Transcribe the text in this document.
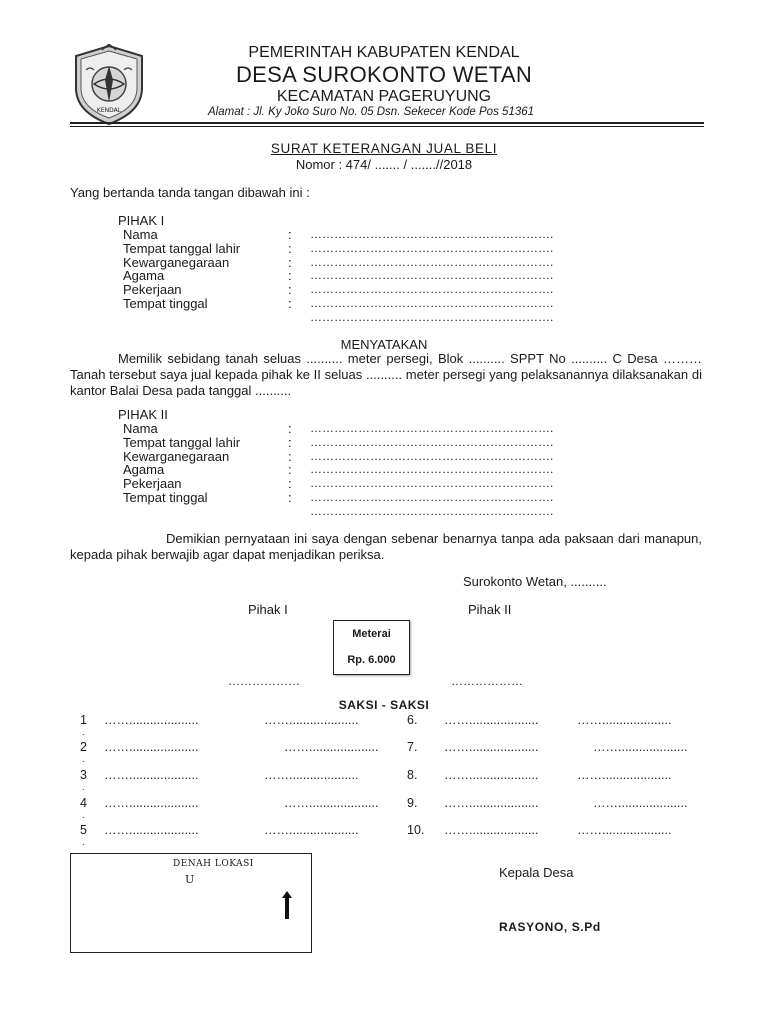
KENDAL
PEMERINTAH KABUPATEN KENDAL
DESA SUROKONTO WETAN
KECAMATAN PAGERUYUNG
Alamat : Jl. Ky Joko Suro No. 05 Dsn. Sekecer Kode Pos 51361
SURAT KETERANGAN JUAL BELI
Nomor : 474/ ....... / .......//2018
Yang bertanda tanda tangan dibawah ini :
PIHAK I
Nama	: …………………………………………………….
Tempat tanggal lahir	: …………………………………………………….
Kewarganegaraan	: …………………………………………………….
Agama	: …………………………………………………….
Pekerjaan	: …………………………………………………….
Tempat tinggal	: …………………………………………………….
…………………………………………………….
MENYATAKAN
Memilik sebidang tanah seluas .......... meter persegi, Blok .......... SPPT No .......... C Desa ……… Tanah tersebut saya jual kepada pihak ke II seluas .......... meter persegi yang pelaksanannya dilaksanakan di kantor Balai Desa pada tanggal ..........
PIHAK II
Nama	: …………………………………………………….
Tempat tanggal lahir	: …………………………………………………….
Kewarganegaraan	: …………………………………………………….
Agama	: …………………………………………………….
Pekerjaan	: …………………………………………………….
Tempat tinggal	: …………………………………………………….
…………………………………………………….
Demikian pernyataan ini saya dengan sebenar benarnya tanpa ada paksaan dari manapun, kepada pihak berwajib agar dapat menjadikan periksa.
Surokonto Wetan, ..........
Pihak I	Pihak II
Meterai
Rp. 6.000
………………	………………
SAKSI - SAKSI
1 ……....................	……....................	6. ……....................	……....................
.
2 ……....................	…….................... 7. ……....................	……....................
.
3 ……....................	……....................	8. ……....................	……....................
.
4 ……....................	…….................... 9. ……....................	……....................
.
5 ……....................	……....................	10. ……....................	……....................
.
DENAH LOKASI
U	Kepala Desa
RASYONO, S.Pd
